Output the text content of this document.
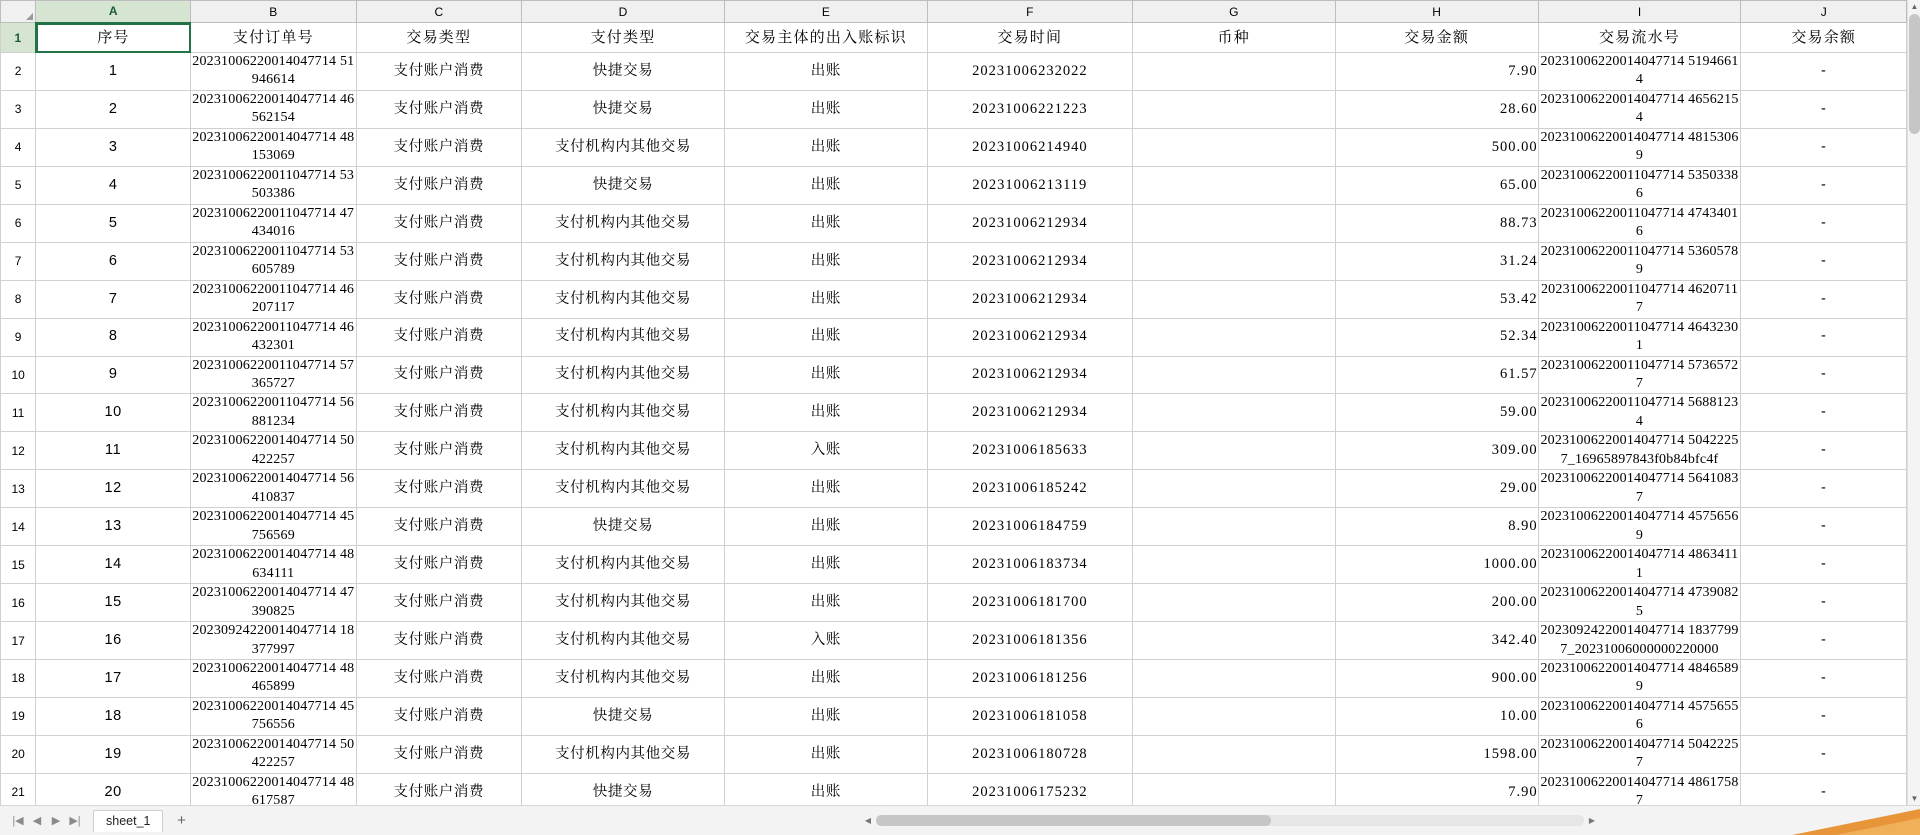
	A	B	C	D	E	F	G	H	I	J
1	序号	支付订单号	交易类型	支付类型	交易主体的出入账标识	交易时间	币种	交易金额	交易流水号	交易余额
2	1	20231006220014047714 51946614	支付账户消费	快捷交易	出账	20231006232022		7.90	20231006220014047714 51946614	-
3	2	20231006220014047714 46562154	支付账户消费	快捷交易	出账	20231006221223		28.60	20231006220014047714 46562154	-
4	3	20231006220014047714 48153069	支付账户消费	支付机构内其他交易	出账	20231006214940		500.00	20231006220014047714 48153069	-
5	4	20231006220011047714 53503386	支付账户消费	快捷交易	出账	20231006213119		65.00	20231006220011047714 53503386	-
6	5	20231006220011047714 47434016	支付账户消费	支付机构内其他交易	出账	20231006212934		88.73	20231006220011047714 47434016	-
7	6	20231006220011047714 53605789	支付账户消费	支付机构内其他交易	出账	20231006212934		31.24	20231006220011047714 53605789	-
8	7	20231006220011047714 46207117	支付账户消费	支付机构内其他交易	出账	20231006212934		53.42	20231006220011047714 46207117	-
9	8	20231006220011047714 46432301	支付账户消费	支付机构内其他交易	出账	20231006212934		52.34	20231006220011047714 46432301	-
10	9	20231006220011047714 57365727	支付账户消费	支付机构内其他交易	出账	20231006212934		61.57	20231006220011047714 57365727	-
11	10	20231006220011047714 56881234	支付账户消费	支付机构内其他交易	出账	20231006212934		59.00	20231006220011047714 56881234	-
12	11	20231006220014047714 50422257	支付账户消费	支付机构内其他交易	入账	20231006185633		309.00	20231006220014047714 50422257_16965897843f0b84bfc4f	-
13	12	20231006220014047714 56410837	支付账户消费	支付机构内其他交易	出账	20231006185242		29.00	20231006220014047714 56410837	-
14	13	20231006220014047714 45756569	支付账户消费	快捷交易	出账	20231006184759		8.90	20231006220014047714 45756569	-
15	14	20231006220014047714 48634111	支付账户消费	支付机构内其他交易	出账	20231006183734		1000.00	20231006220014047714 48634111	-
16	15	20231006220014047714 47390825	支付账户消费	支付机构内其他交易	出账	20231006181700		200.00	20231006220014047714 47390825	-
17	16	20230924220014047714 18377997	支付账户消费	支付机构内其他交易	入账	20231006181356		342.40	20230924220014047714 18377997_20231006000000220000	-
18	17	20231006220014047714 48465899	支付账户消费	支付机构内其他交易	出账	20231006181256		900.00	20231006220014047714 48465899	-
19	18	20231006220014047714 45756556	支付账户消费	快捷交易	出账	20231006181058		10.00	20231006220014047714 45756556	-
20	19	20231006220014047714 50422257	支付账户消费	支付机构内其他交易	出账	20231006180728		1598.00	20231006220014047714 50422257	-
21	20	20231006220014047714 48617587	支付账户消费	快捷交易	出账	20231006175232		7.90	20231006220014047714 48617587	-
▲
▼
|◀ ◀ ▶ ▶|	sheet_1	+	◀	▶
